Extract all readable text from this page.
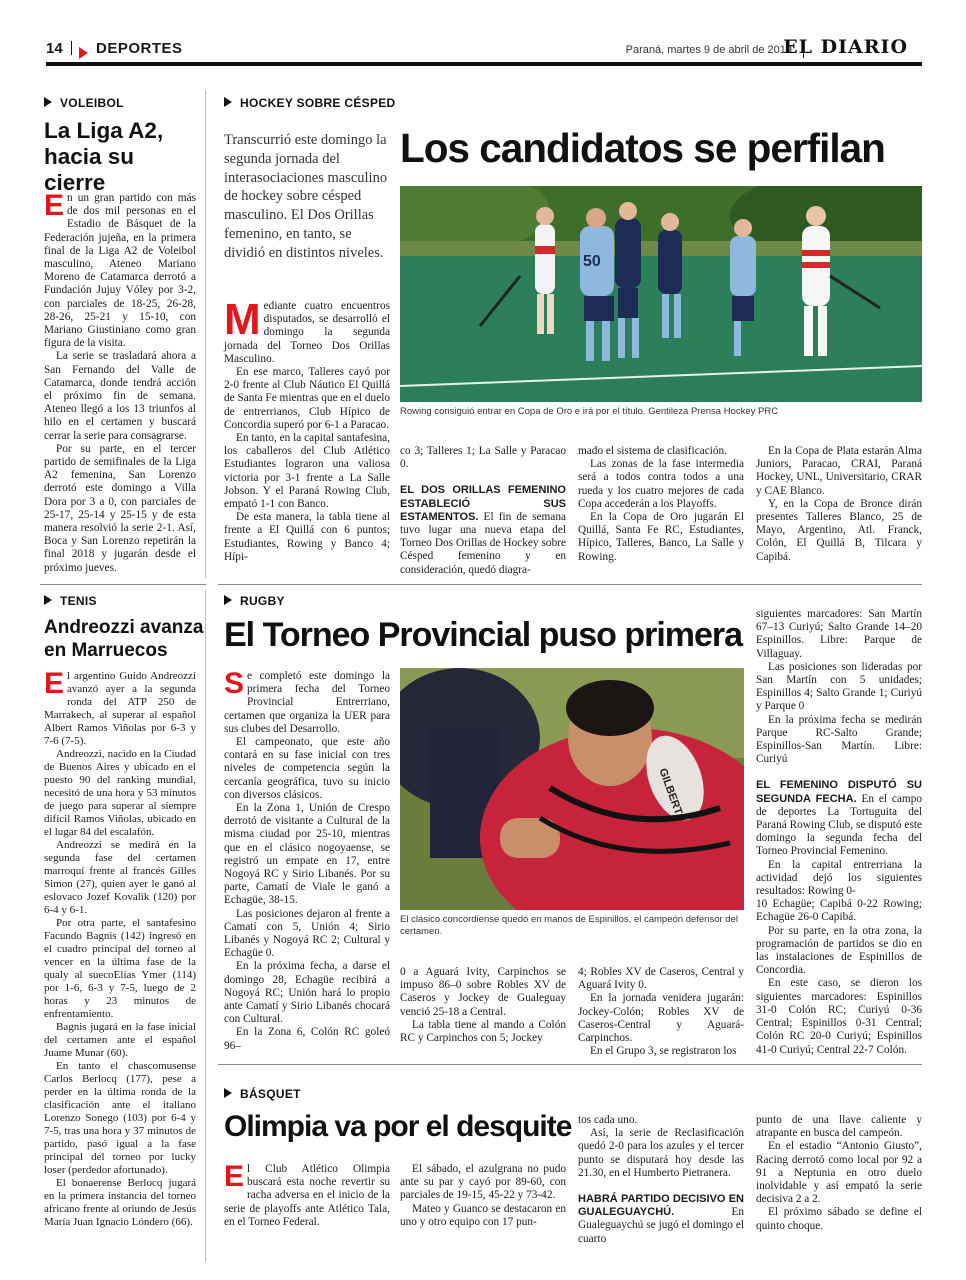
14 DEPORTES	Paraná, martes 9 de abril de 2019
EL DIARIO
VOLEIBOL
La Liga A2, hacia su cierre

En un gran partido con más de dos mil personas en el Estadio de Básquet de la Federación jujeña, en la primera final de la Liga A2 de Voleibol masculino, Ateneo Mariano Moreno de Catamarca derrotó a Fundación Jujuy Vóley por 3-2, con parciales de 18-25, 26-28, 28-26, 25-21 y 15-10, con Mariano Giustiniano como gran figura de la visita.

La serie se trasladará ahora a San Fernando del Valle de Catamarca, donde tendrá acción el próximo fin de semana. Ateneo llegó a los 13 triunfos al hilo en el certamen y buscará cerrar la serie para consagrarse.

Por su parte, en el tercer partido de semifinales de la Liga A2 femenina, San Lorenzo derrotó este domingo a Villa Dora por 3 a 0, con parciales de 25-17, 25-14 y 25-15 y de esta manera resolvió la serie 2-1. Así, Boca y San Lorenzo repetirán la final 2018 y jugarán desde el próximo jueves.

HOCKEY SOBRE CÉSPED
Transcurrió este domingo la segunda jornada del interasociaciones masculino de hockey sobre césped masculino. El Dos Orillas femenino, en tanto, se dividió en distintos niveles.
Los candidatos se perfilan
50
Rowing consiguió entrar en Copa de Oro e irá por el título. Gentileza Prensa Hockey PRC

Mediante cuatro encuentros disputados, se desarrolló el domingo la segunda jornada del Torneo Dos Orillas Masculino.

En ese marco, Talleres cayó por 2-0 frente al Club Náutico El Quillá de Santa Fe mientras que en el duelo de entrerrianos, Club Hípico de Concordia superó por 6-1 a Paracao.

En tanto, en la capital santafesina, los caballeros del Club Atlético Estudiantes lograron una valiosa victoria por 3-1 frente a La Salle Jobson. Y el Paraná Rowing Club, empató 1-1 con Banco.

De esta manera, la tabla tiene al frente a El Quillá con 6 puntos; Estudiantes, Rowing y Banco 4; Hípi-

co 3; Talleres 1; La Salle y Paracao 0.

EL DOS ORILLAS FEMENINO ESTABLECIÓ SUS ESTAMENTOS. El fin de semana tuvo lugar una nueva etapa del Torneo Dos Orillas de Hockey sobre Césped femenino y en consideración, quedó diagra-

mado el sistema de clasificación.

Las zonas de la fase intermedia será a todos contra todos a una rueda y los cuatro mejores de cada Copa accederán a los Playoffs.

En la Copa de Oro jugarán El Quillá, Santa Fe RC, Estudiantes, Hípico, Talleres, Banco, La Salle y Rowing.

En la Copa de Plata estarán Alma Juniors, Paracao, CRAI, Paraná Hockey, UNL, Universitario, CRAR y CAE Blanco.

Y, en la Copa de Bronce dirán presentes Talleres Blanco, 25 de Mayo, Argentino, Atl. Franck, Colón, El Quillá B, Tilcara y Capibá.

TENIS
Andreozzi avanza en Marruecos

El argentino Guido Andreozzi avanzó ayer a la segunda ronda del ATP 250 de Marrakech, al superar al español Albert Ramos Viñolas por 6-3 y 7-6 (7-5).

Andreozzi, nacido en la Ciudad de Buenos Aires y ubicado en el puesto 90 del ranking mundial, necesitó de una hora y 53 minutos de juego para superar al siempre difícil Ramos Viñolas, ubicado en el lugar 84 del escalafón.

Andreozzi se medirá en la segunda fase del certamen marroquí frente al francés Gilles Simon (27), quien ayer le ganó al eslovaco Jozef Kovalik (120) por 6-4 y 6-1.

Por otra parte, el santafesino Facundo Bagnis (142) ingresó en el cuadro principal del torneo al vencer en la última fase de la qualy al suecoElías Ymer (114) por 1-6, 6-3 y 7-5, luego de 2 horas y 23 minutos de enfrentamiento.

Bagnis jugará en la fase inicial del certamen ante el español Juame Munar (60).

En tanto el chascomusense Carlos Berlocq (177), pese a perder en la última ronda de la clasificación ante el italiano Lorenzo Sonego (103) por 6-4 y 7-5, tras una hora y 37 minutos de partido, pasó igual a la fase principal del torneo por lucky loser (perdedor afortunado).

El bonaerense Berlocq jugará en la primera instancia del torneo africano frente al oriundo de Jesús María Juan Ignacio Lóndero (66).

RUGBY
El Torneo Provincial puso primera
GILBERT
El clásico concordiense quedó en manos de Espinillos, el campeón defensor del certamen.

Se completó este domingo la primera fecha del Torneo Provincial Entrerriano, certamen que organiza la UER para sus clubes del Desarrollo.

El campeonato, que este año contará en su fase inicial con tres niveles de competencia según la cercanía geográfica, tuvo su inicio con diversos clásicos.

En la Zona 1, Unión de Crespo derrotó de visitante a Cultural de la misma ciudad por 25-10, mientras que en el clásico nogoyaense, se registró un empate en 17, entre Nogoyá RC y Sirio Libanés. Por su parte, Camatí de Viale le ganó a Echagüe, 38-15.

Las posiciones dejaron al frente a Camatí con 5, Unión 4; Sirio Libanés y Nogoyá RC 2; Cultural y Echagüe 0.

En la próxima fecha, a darse el domingo 28, Echagüe recibirá a Nogoyá RC; Unión hará lo propio ante Camatí y Sirio Libanés chocará con Cultural.

En la Zona 6, Colón RC goleó 96–

0 a Aguará Ivity, Carpinchos se impuso 86–0 sobre Robles XV de Caseros y Jockey de Gualeguay venció 25-18 a Central.

La tabla tiene al mando a Colón RC y Carpinchos con 5; Jockey

4; Robles XV de Caseros, Central y Aguará Ivity 0.

En la jornada venidera jugarán: Jockey-Colón; Robles XV de Caseros-Central y Aguará-Carpinchos.

En el Grupo 3, se registraron los

siguientes marcadores: San Martín 67–13 Curiyú; Salto Grande 14–20 Espinillos. Libre: Parque de Villaguay.

Las posiciones son lideradas por San Martín con 5 unidades; Espinillos 4; Salto Grande 1; Curiyú y Parque 0

En la próxima fecha se medirán Parque RC-Salto Grande; Espinillos-San Martín. Libre: Curiyú

EL FEMENINO DISPUTÓ SU SEGUNDA FECHA. En el campo de deportes La Tortuguita del Paraná Rowing Club, se disputó este domingo la segunda fecha del Torneo Provincial Femenino.

En la capital entrerriana la actividad dejó los siguientes resultados: Rowing 0-

10 Echagüe; Capibá 0-22 Rowing; Echagüe 26-0 Capibá.

Por su parte, en la otra zona, la programación de partidos se dio en las instalaciones de Espinillos de Concordia.

En este caso, se dieron los siguientes marcadores: Espinillos 31-0 Colón RC; Curiyú 0-36 Central; Espinillos 0-31 Central; Colón RC 20-0 Curiyú; Espinillos 41-0 Curiyú; Central 22-7 Colón.

BÁSQUET
Olimpia va por el desquite

El Club Atlético Olimpia buscará esta noche revertir su racha adversa en el inicio de la serie de playoffs ante Atlético Tala, en el Torneo Federal.

El sábado, el azulgrana no pudo ante su par y cayó por 89-60, con parciales de 19-15, 45-22 y 73-42.

Mateo y Guanco se destacaron en uno y otro equipo con 17 pun-

tos cada uno.

Así, la serie de Reclasificación quedó 2-0 para los azules y el tercer punto se disputará hoy desde las 21.30, en el Humberto Pietranera.

HABRÁ PARTIDO DECISIVO EN GUALEGUAYCHÚ.	En Gualeguaychú se jugó el domingo el cuarto

punto de una llave caliente y atrapante en busca del campeón.

En el estadio “Antonio Giusto”, Racing derrotó como local por 92 a 91 a Neptunia en otro duelo inolvidable y así empató la serie decisiva 2 a 2.

El próximo sábado se define el quinto choque.
